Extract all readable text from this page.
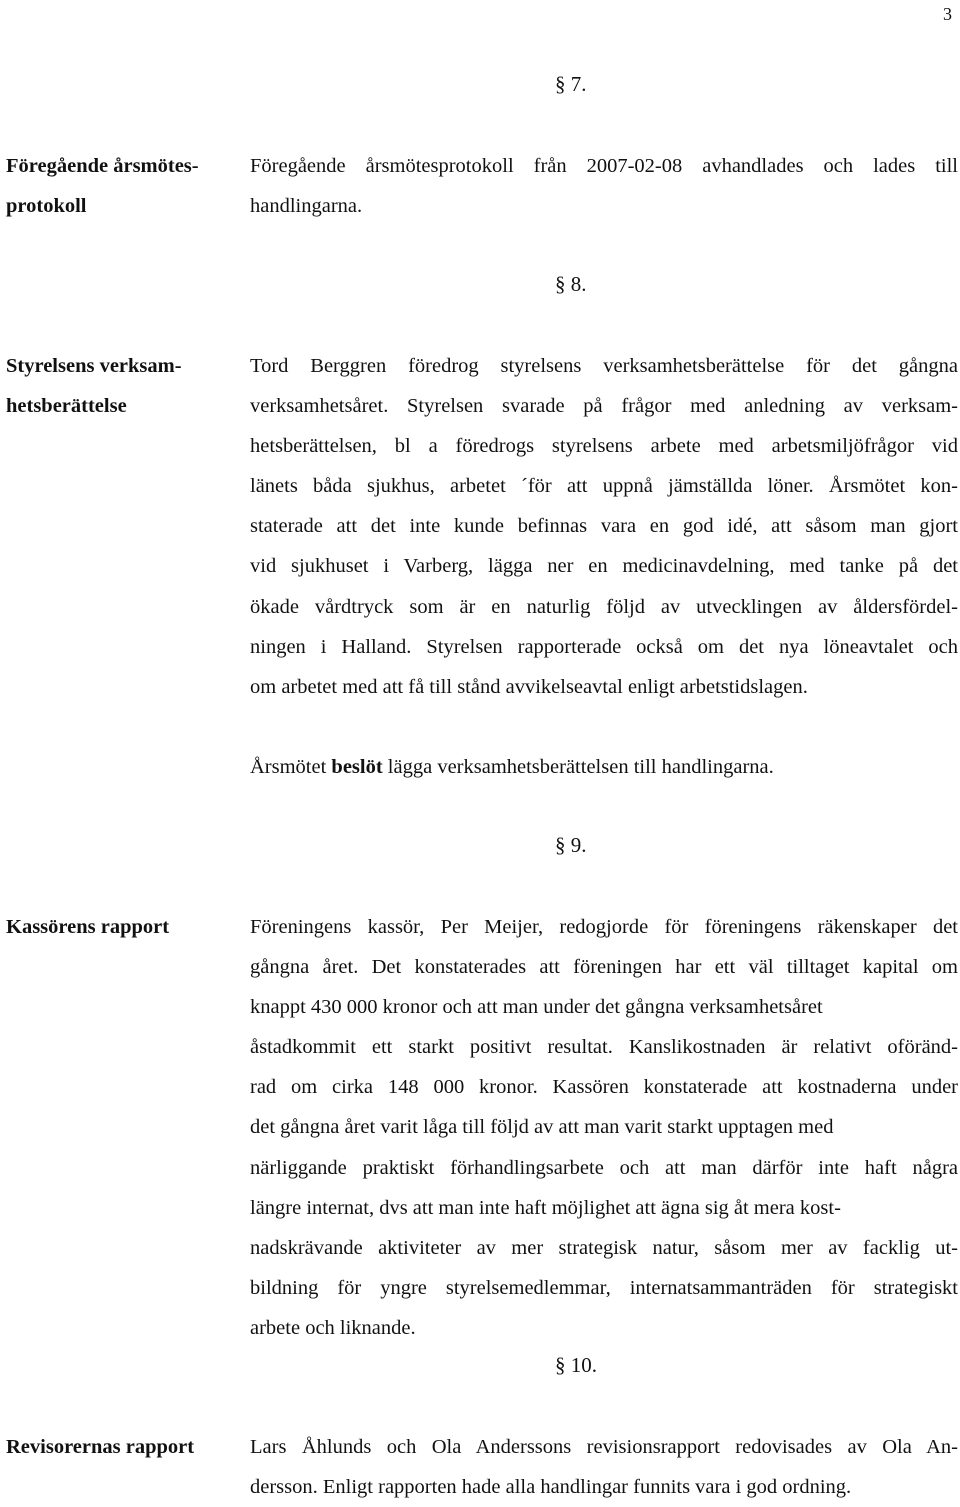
3
§ 7.
Föregående årsmötes-
protokoll
Föregående årsmötesprotokoll från 2007-02-08 avhandlades och lades till
handlingarna.
§ 8.
Styrelsens verksam-
hetsberättelse
Tord Berggren föredrog styrelsens verksamhetsberättelse för det gångna
verksamhetsåret. Styrelsen svarade på frågor med anledning av verksam-
hetsberättelsen, bl a föredrogs styrelsens arbete med arbetsmiljöfrågor vid
länets båda sjukhus, arbetet ´för att uppnå jämställda löner. Årsmötet kon-
staterade att det inte kunde befinnas vara en god idé, att såsom man gjort
vid sjukhuset i Varberg, lägga ner en medicinavdelning, med tanke på det
ökade vårdtryck som är en naturlig följd av utvecklingen av åldersfördel-
ningen i Halland. Styrelsen rapporterade också om det nya löneavtalet och
om arbetet med att få till stånd avvikelseavtal enligt arbetstidslagen.

Årsmötet beslöt lägga verksamhetsberättelsen till handlingarna.

§ 9.
Kassörens rapport	Föreningens kassör, Per Meijer, redogjorde för föreningens räkenskaper det
gångna året. Det konstaterades att föreningen har ett väl tilltaget kapital om
knappt 430 000 kronor och att man under det gångna verksamhetsåret
åstadkommit ett starkt positivt resultat. Kanslikostnaden är relativt oföränd-
rad om cirka 148 000 kronor. Kassören konstaterade att kostnaderna under
det gångna året varit låga till följd av att man varit starkt upptagen med
närliggande praktiskt förhandlingsarbete och att man därför inte haft några
längre internat, dvs att man inte haft möjlighet att ägna sig åt mera kost-
nadskrävande aktiviteter av mer strategisk natur, såsom mer av facklig ut-
bildning för yngre styrelsemedlemmar, internatsammanträden för strategiskt
arbete och liknande.
§ 10.
Revisorernas rapport	Lars Åhlunds och Ola Anderssons revisionsrapport redovisades av Ola An-
dersson. Enligt rapporten hade alla handlingar funnits vara i god ordning.
